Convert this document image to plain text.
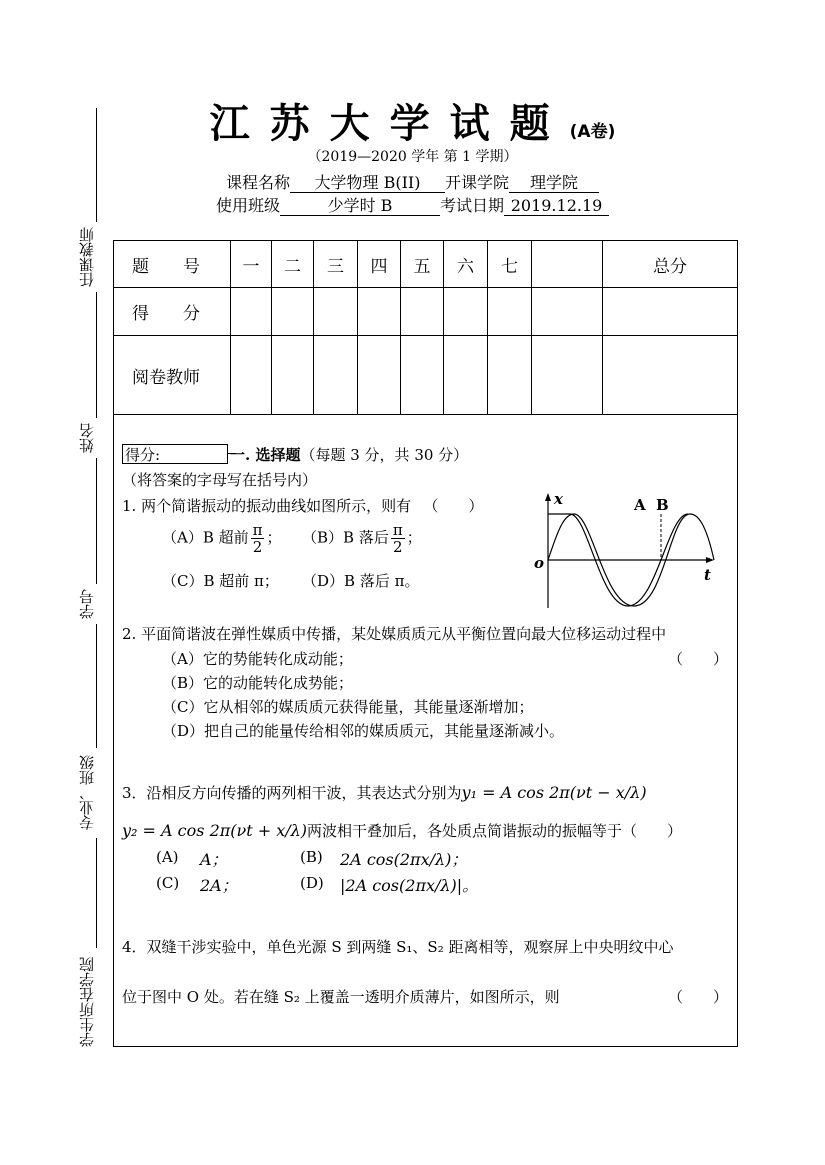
江苏大学试题(A卷)
（2019—2020 学年 第 1 学期）
课程名称 大学物理 B(II) 开课学院 理学院
使用班级	少学时 B	考试日期 2019.12.19
任课教师
姓名
学号
专业、班级
学生所在学院
题　　号	一	二	三	四	五	六	七		总分
得　　分									
阅卷教师									
得分:	一. 选择题（每题 3 分，共 30 分）
（将答案的字母写在括号内）
1. 两个简谐振动的振动曲线如图所示，则有 　（　　）
（A）B 超前 $\frac{\pi}{2}$ ； （B）B 落后 $\frac{\pi}{2}$ ；
（C）B 超前 π； （D）B 落后 π。
x
t
o
A B
2. 平面简谐波在弹性媒质中传播，某处媒质质元从平衡位置向最大位移运动过程中
（　　）
（A）它的势能转化成动能；
（B）它的动能转化成势能；
（C）它从相邻的媒质质元获得能量，其能量逐渐增加；
（D）把自己的能量传给相邻的媒质质元，其能量逐渐减小。
3．沿相反方向传播的两列相干波，其表达式分别为y₁ = A cos 2π(νt − x/λ)
y₂ = A cos 2π(νt + x/λ)两波相干叠加后，各处质点简谐振动的振幅等于（　　）
(A) A；	(B) 2A cos(2πx/λ)；
(C) 2A；	(D) |2A cos(2πx/λ)|。
4．双缝干涉实验中，单色光源 S 到两缝 S₁、S₂ 距离相等，观察屏上中央明纹中心
位于图中 O 处。若在缝 S₂ 上覆盖一透明介质薄片，如图所示，则	（　　）
